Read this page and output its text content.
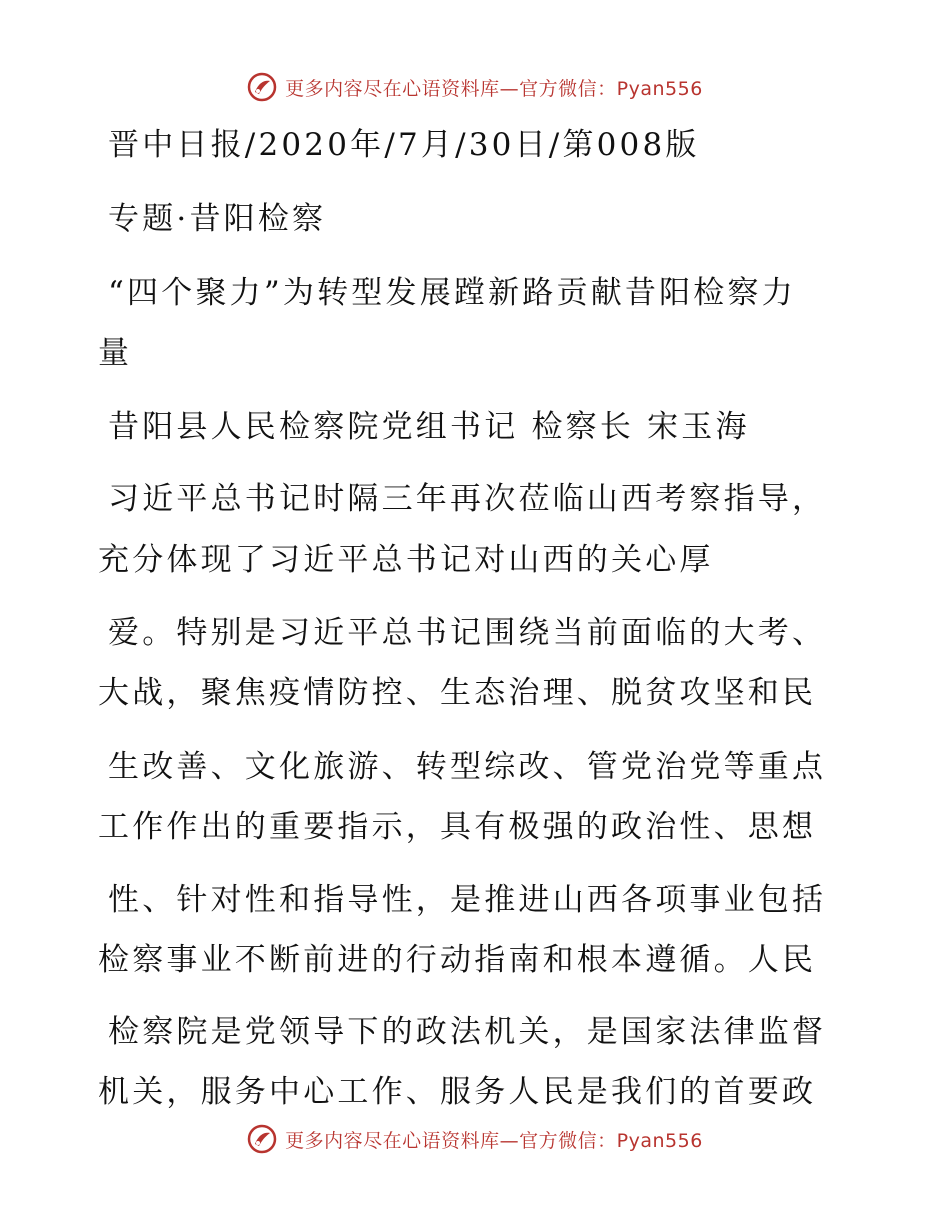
更多内容尽在心语资料库—官方微信：Pyan556
晋中日报/2020年/7月/30日/第008版
专题·昔阳检察
“四个聚力”为转型发展蹚新路贡献昔阳检察力
量
昔阳县人民检察院党组书记 检察长 宋玉海
习近平总书记时隔三年再次莅临山西考察指导，
充分体现了习近平总书记对山西的关心厚
爱。特别是习近平总书记围绕当前面临的大考、
大战，聚焦疫情防控、生态治理、脱贫攻坚和民
生改善、文化旅游、转型综改、管党治党等重点
工作作出的重要指示，具有极强的政治性、思想
性、针对性和指导性，是推进山西各项事业包括
检察事业不断前进的行动指南和根本遵循。人民
检察院是党领导下的政法机关，是国家法律监督
机关，服务中心工作、服务人民是我们的首要政
更多内容尽在心语资料库—官方微信：Pyan556
